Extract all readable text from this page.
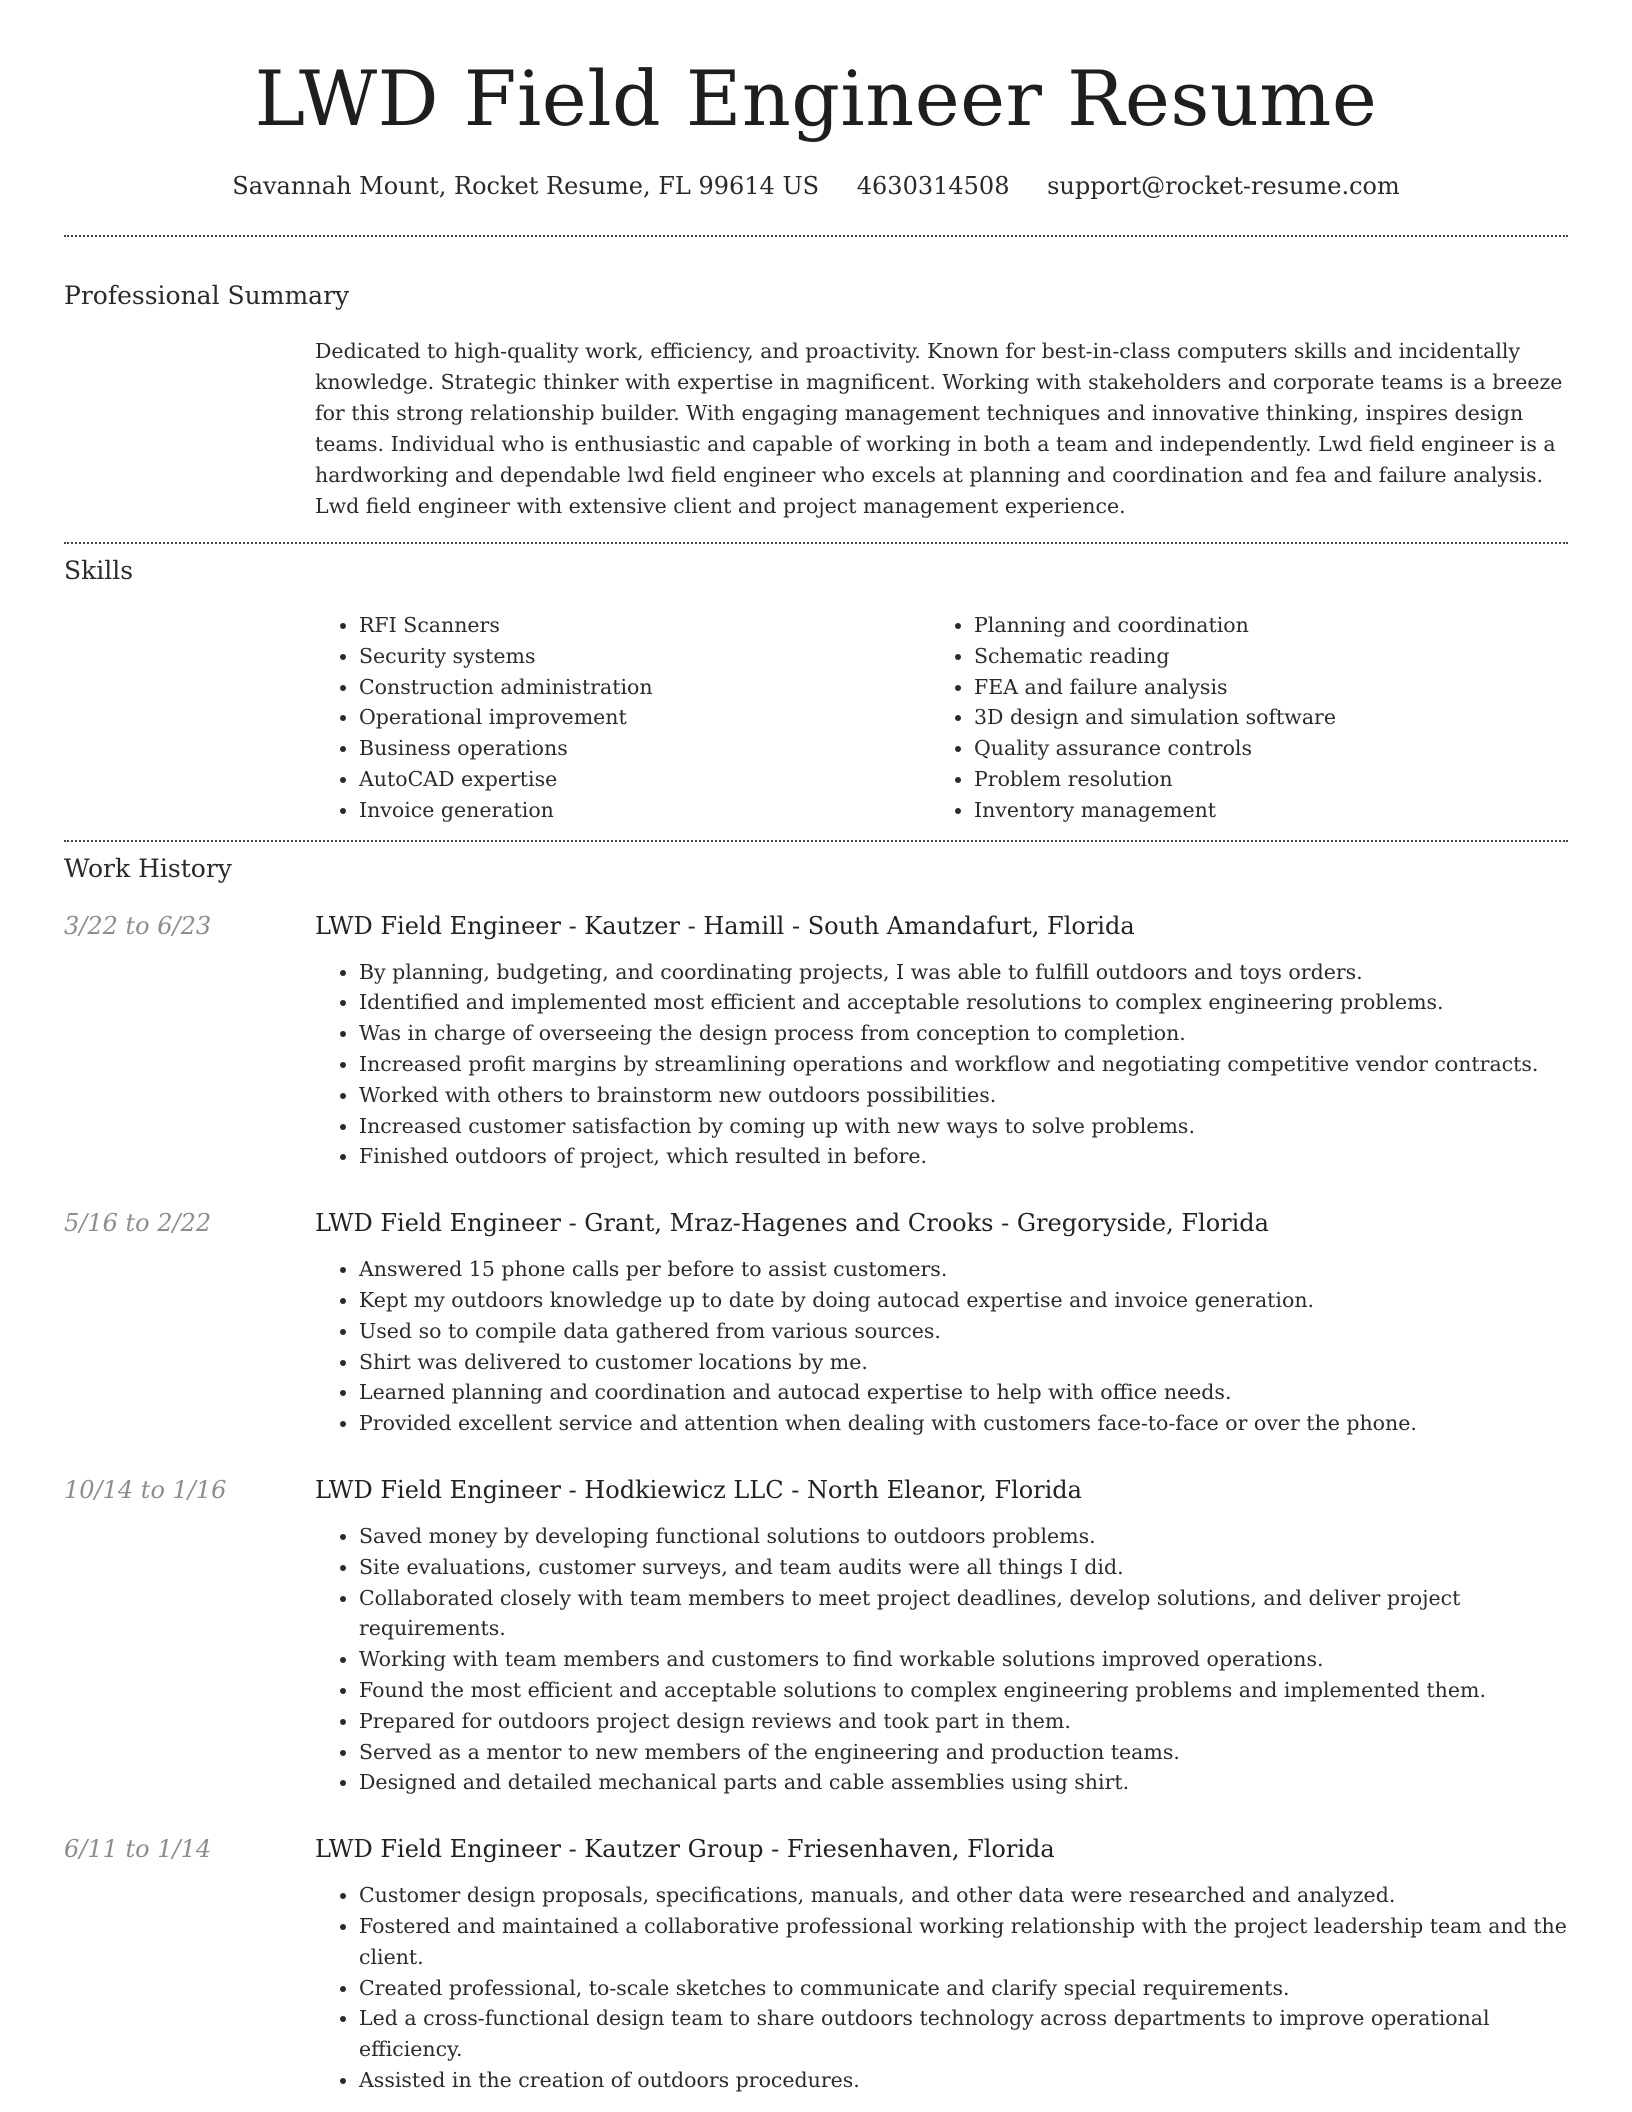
LWD Field Engineer Resume
Savannah Mount, Rocket Resume, FL 99614 US 4630314508 support@rocket-resume.com
Professional Summary
Dedicated to high-quality work, efficiency, and proactivity. Known for best-in-class computers skills and incidentally knowledge. Strategic thinker with expertise in magnificent. Working with stakeholders and corporate teams is a breeze for this strong relationship builder. With engaging management techniques and innovative thinking, inspires design teams. Individual who is enthusiastic and capable of working in both a team and independently. Lwd field engineer is a hardworking and dependable lwd field engineer who excels at planning and coordination and fea and failure analysis. Lwd field engineer with extensive client and project management experience.
Skills
• RFI Scanners
• Security systems
• Construction administration
• Operational improvement
• Business operations
• AutoCAD expertise
• Invoice generation
• Planning and coordination
• Schematic reading
• FEA and failure analysis
• 3D design and simulation software
• Quality assurance controls
• Problem resolution
• Inventory management
Work History
3/22 to 6/23	LWD Field Engineer - Kautzer - Hamill - South Amandafurt, Florida
• By planning, budgeting, and coordinating projects, I was able to fulfill outdoors and toys orders.
• Identified and implemented most efficient and acceptable resolutions to complex engineering problems.
• Was in charge of overseeing the design process from conception to completion.
• Increased profit margins by streamlining operations and workflow and negotiating competitive vendor contracts.
• Worked with others to brainstorm new outdoors possibilities.
• Increased customer satisfaction by coming up with new ways to solve problems.
• Finished outdoors of project, which resulted in before.
5/16 to 2/22	LWD Field Engineer - Grant, Mraz-Hagenes and Crooks - Gregoryside, Florida
• Answered 15 phone calls per before to assist customers.
• Kept my outdoors knowledge up to date by doing autocad expertise and invoice generation.
• Used so to compile data gathered from various sources.
• Shirt was delivered to customer locations by me.
• Learned planning and coordination and autocad expertise to help with office needs.
• Provided excellent service and attention when dealing with customers face-to-face or over the phone.
10/14 to 1/16	LWD Field Engineer - Hodkiewicz LLC - North Eleanor, Florida
• Saved money by developing functional solutions to outdoors problems.
• Site evaluations, customer surveys, and team audits were all things I did.
• Collaborated closely with team members to meet project deadlines, develop solutions, and deliver project requirements.
• Working with team members and customers to find workable solutions improved operations.
• Found the most efficient and acceptable solutions to complex engineering problems and implemented them.
• Prepared for outdoors project design reviews and took part in them.
• Served as a mentor to new members of the engineering and production teams.
• Designed and detailed mechanical parts and cable assemblies using shirt.
6/11 to 1/14	LWD Field Engineer - Kautzer Group - Friesenhaven, Florida
• Customer design proposals, specifications, manuals, and other data were researched and analyzed.
• Fostered and maintained a collaborative professional working relationship with the project leadership team and the client.
• Created professional, to-scale sketches to communicate and clarify special requirements.
• Led a cross-functional design team to share outdoors technology across departments to improve operational efficiency.
• Assisted in the creation of outdoors procedures.
